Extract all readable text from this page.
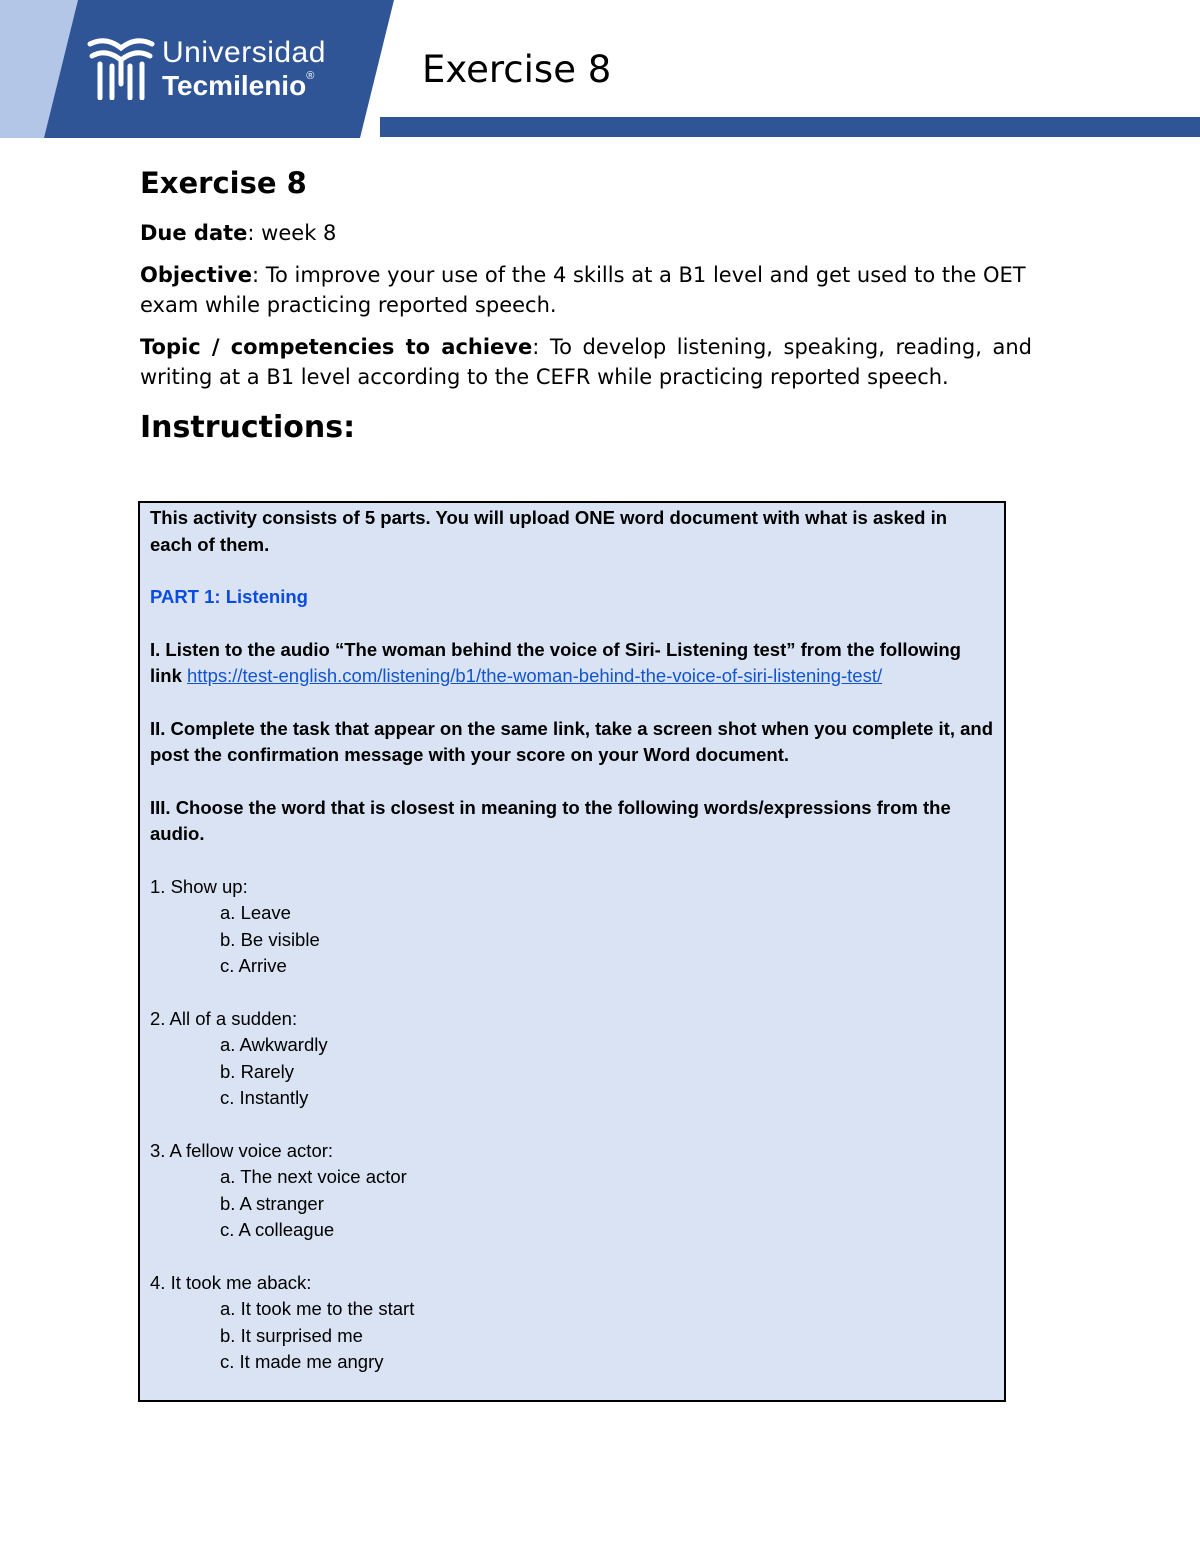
Universidad
Tecmilenio®	Exercise 8
Exercise 8

Due date: week 8

Objective: To improve your use of the 4 skills at a B1 level and get used to the OET exam while practicing reported speech.

Topic / competencies to achieve: To develop listening, speaking, reading, and writing at a B1 level according to the CEFR while practicing reported speech.

Instructions:

This activity consists of 5 parts. You will upload ONE word document with what is asked in each of them.

PART 1: Listening

I. Listen to the audio “The woman behind the voice of Siri- Listening test” from the following link https://test-english.com/listening/b1/the-woman-behind-the-voice-of-siri-listening-test/

II. Complete the task that appear on the same link, take a screen shot when you complete it, and post the confirmation message with your score on your Word document.

III. Choose the word that is closest in meaning to the following words/expressions from the audio.

1. Show up:

a. Leave

b. Be visible

c. Arrive

2. All of a sudden:

a. Awkwardly

b. Rarely

c. Instantly

3. A fellow voice actor:

a. The next voice actor

b. A stranger

c. A colleague

4. It took me aback:

a. It took me to the start

b. It surprised me

c. It made me angry
